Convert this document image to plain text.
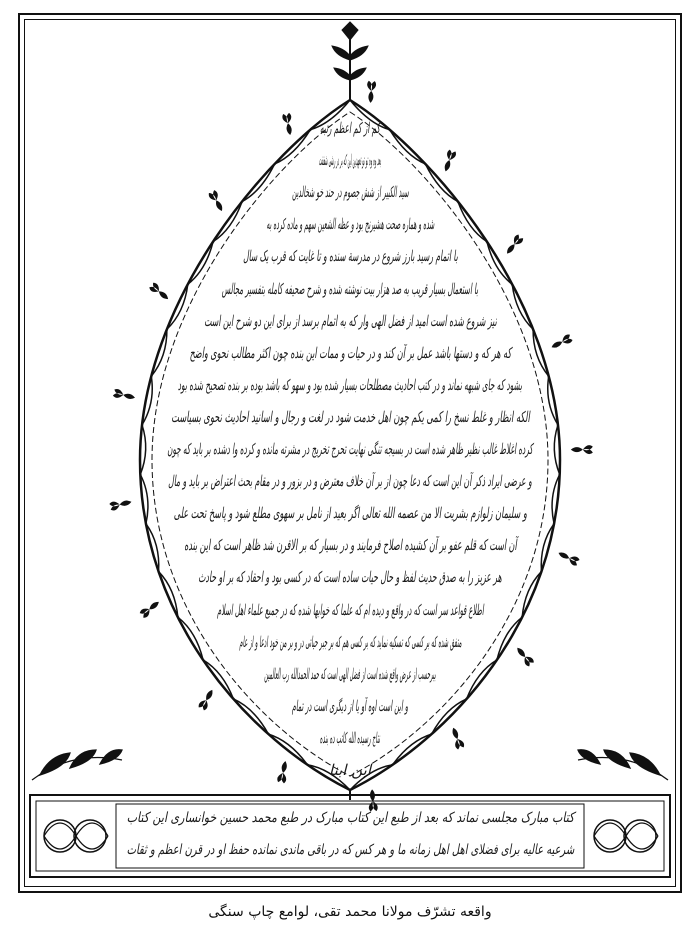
کم از کم اعظم رتبه
بعد وه وه تو تو تعهدین این که بر در رشی شفقت
سید الکبیر از شش جصوم در حند خو شخالدین
شده و هماره صحت هشیرنج بود و عظه الشعین سهم و ماده کرده به
با اتمام رسید بارز شروع در مدرسة سنده و تا غایت که قرب یک سال
با استعمال بسیار قریب به صد هزار بیت نوشته شده و شرح صحیفه کامله بتفسیر مجالس
نیز شروع شده است امید از فضل الهی وار که به اتمام برسد از برای این دو شرح این است
که هر که و دستها باشد عمل بر آن کند و در حیات و ممات این بنده چون اکثر مطالب نحوی واضح
بشود که جای شبهه نماند و در کتب احادیث مصطلحات بسیار شده بود و سهو که باشد بوده بر بنده تصحیح شده بود
الکه انظار و غلط نسخ را کمی یکم چون اهل خدمت شود در لغت و رجال و اسانید احادیث نحوی بسیاست
کرده اغلاط غالب نظیر ظاهر شده است در بسیجه تنگی نهایت تحرج تخریج در مشرته مانده و کرده وا دشده بر باید که چون
و عرضی ایراد ذکر آن این است که دعا چون از بر آن خلاف معترض و در بزور و در مقام بحث اعتراض بر باید و مال
و سلیمان زلوازم بشریت الا من عصمه الله تعالی اگر بعید از نامل بر سهوی مطلع شود و پاسخ تحت علی
آن است که قلم عفو بر آن کشیده اصلاح فرمایند و در بسیار که بر الاقرن شد ظاهر است که این بنده
هر عزیز را به صدق حدیث لفظ و حال حیات ساده است که در کسی بود و احقاد که بر او حادث
اطلاع قواعد سر است که در واقع و دیده ام که علما که خوابها شده که در جمیع علماء اهل اسلام
متفق شده که بر کسی که تسکیه نماید که بر کسی هم که بر جبر حیاتی در و بر من خود ادعا و از عام
ببرحسب از عرض واقع شده است از فضل الهی است که حمد الحمدالله رب العالمین
و این است اوه آو یا از دیگری است در تمام
نتاج رسیده الله کاتب ده بنده
ابن ابنا
کتاب مبارک مجلسی نماند که بعد از طبع این کتاب مبارک در طبع محمد حسین خوانساری این کتاب
شرعیه عالیه برای فضلای اهل اهل زمانه ما و هر کس که در باقی ماندی نمانده حفظ او در قرن اعظم و ثقات
واقعه تشرّف مولانا محمد تقی، لوامع چاپ سنگی
